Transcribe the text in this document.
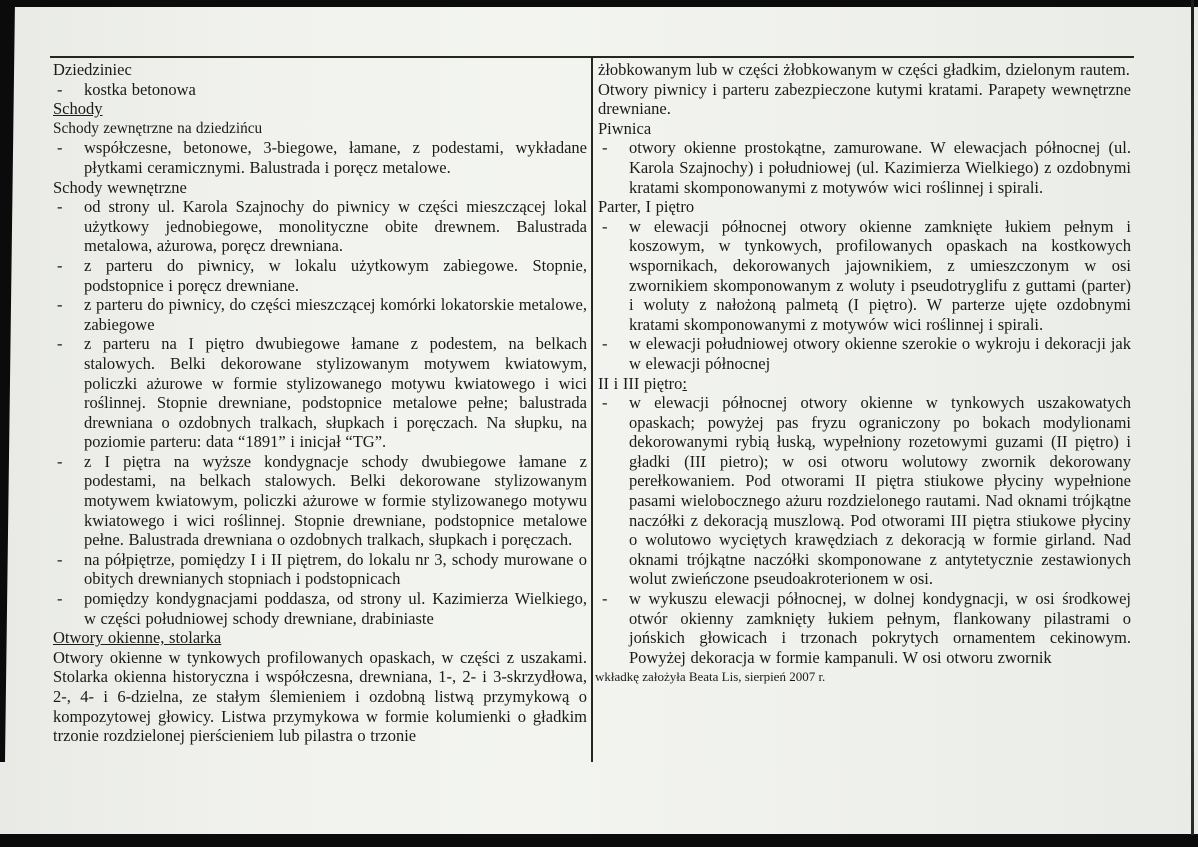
Dziedziniec
- kostka betonowa
Schody
Schody zewnętrzne na dziedzińcu
- współczesne, betonowe, 3-biegowe, łamane, z podestami, wykładane płytkami ceramicznymi. Balustrada i poręcz metalowe.
Schody wewnętrzne
- od strony ul. Karola Szajnochy do piwnicy w części mieszczącej lokal użytkowy jednobiegowe, monolityczne obite drewnem. Balustrada metalowa, ażurowa, poręcz drewniana.
- z parteru do piwnicy, w lokalu użytkowym zabiegowe. Stopnie, podstopnice i poręcz drewniane.
- z parteru do piwnicy, do części mieszczącej komórki lokatorskie metalowe, zabiegowe
- z parteru na I piętro dwubiegowe łamane z podestem, na belkach stalowych. Belki dekorowane stylizowanym motywem kwiatowym, policzki ażurowe w formie stylizowanego motywu kwiatowego i wici roślinnej. Stopnie drewniane, podstopnice metalowe pełne; balustrada drewniana o ozdobnych tralkach, słupkach i poręczach. Na słupku, na poziomie parteru: data “1891” i inicjał “TG”.
- z I piętra na wyższe kondygnacje schody dwubiegowe łamane z podestami, na belkach stalowych. Belki dekorowane stylizowanym motywem kwiatowym, policzki ażurowe w formie stylizowanego motywu kwiatowego i wici roślinnej. Stopnie drewniane, podstopnice metalowe pełne. Balustrada drewniana o ozdobnych tralkach, słupkach i poręczach.
- na półpiętrze, pomiędzy I i II piętrem, do lokalu nr 3, schody murowane o obitych drewnianych stopniach i podstopnicach
- pomiędzy kondygnacjami poddasza, od strony ul. Kazimierza Wielkiego, w części południowej schody drewniane, drabiniaste
Otwory okienne, stolarka
Otwory okienne w tynkowych profilowanych opaskach, w części z uszakami. Stolarka okienna historyczna i współczesna, drewniana, 1-, 2- i 3-skrzydłowa, 2-, 4- i 6-dzielna, ze stałym ślemieniem i ozdobną listwą przymykową o kompozytowej głowicy. Listwa przymykowa w formie kolumienki o gładkim trzonie rozdzielonej pierścieniem lub pilastra o trzonie
żłobkowanym lub w części żłobkowanym w części gładkim, dzielonym rautem.
Otwory piwnicy i parteru zabezpieczone kutymi kratami. Parapety wewnętrzne drewniane.
Piwnica
- otwory okienne prostokątne, zamurowane. W elewacjach północnej (ul. Karola Szajnochy) i południowej (ul. Kazimierza Wielkiego) z ozdobnymi kratami skomponowanymi z motywów wici roślinnej i spirali.
Parter, I piętro
- w elewacji północnej otwory okienne zamknięte łukiem pełnym i koszowym, w tynkowych, profilowanych opaskach na kostkowych wspornikach, dekorowanych jajownikiem, z umieszczonym w osi zwornikiem skomponowanym z woluty i pseudotryglifu z guttami (parter) i woluty z nałożoną palmetą (I piętro). W parterze ujęte ozdobnymi kratami skomponowanymi z motywów wici roślinnej i spirali.
- w elewacji południowej otwory okienne szerokie o wykroju i dekoracji jak w elewacji północnej
II i III piętro:
- w elewacji północnej otwory okienne w tynkowych uszakowatych opaskach; powyżej pas fryzu ograniczony po bokach modylionami dekorowanymi rybią łuską, wypełniony rozetowymi guzami (II piętro) i gładki (III pietro); w osi otworu wolutowy zwornik dekorowany perełkowaniem. Pod otworami II piętra stiukowe płyciny wypełnione pasami wielobocznego ażuru rozdzielonego rautami. Nad oknami trójkątne naczółki z dekoracją muszlową. Pod otworami III piętra stiukowe płyciny o wolutowo wyciętych krawędziach z dekoracją w formie girland. Nad oknami trójkątne naczółki skomponowane z antytetycznie zestawionych wolut zwieńczone pseudoakroterionem w osi.
- w wykuszu elewacji północnej, w dolnej kondygnacji, w osi środkowej otwór okienny zamknięty łukiem pełnym, flankowany pilastrami o jońskich głowicach i trzonach pokrytych ornamentem cekinowym. Powyżej dekoracja w formie kampanuli. W osi otworu zwornik
wkładkę założyła Beata Lis, sierpień 2007 r.
